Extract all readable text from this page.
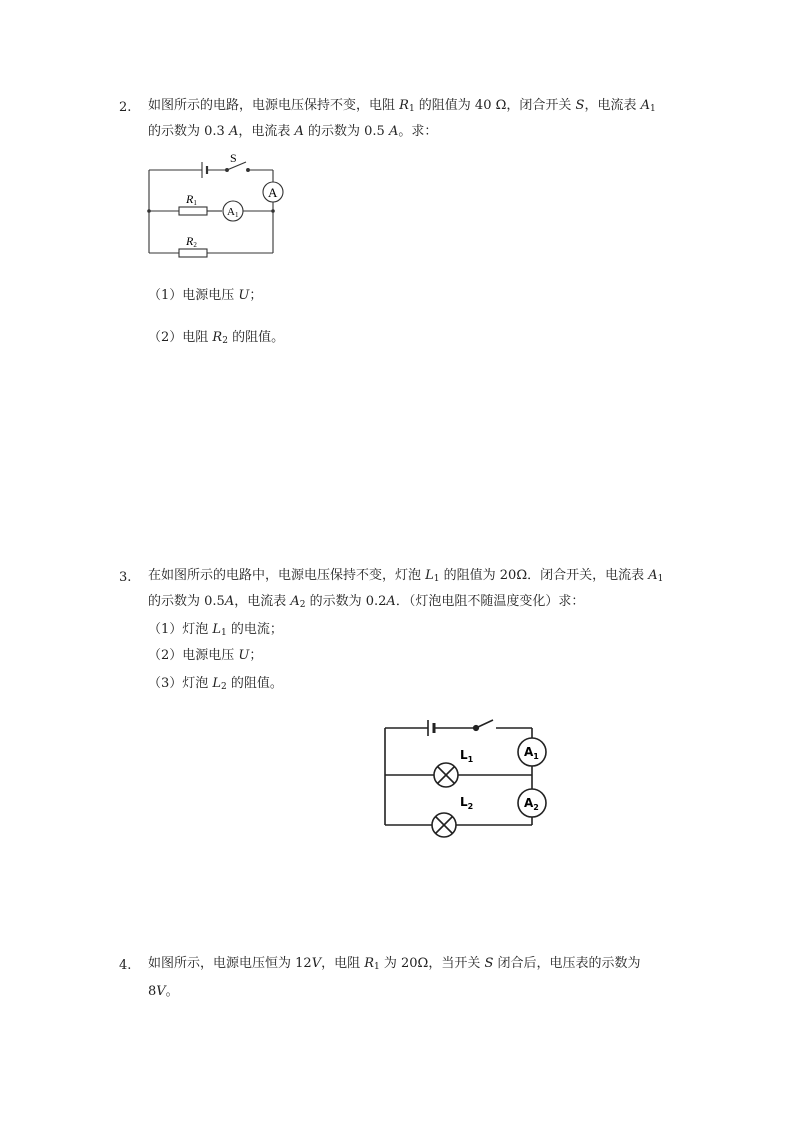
2. 如图所示的电路，电源电压保持不变，电阻 $R_1$ 的阻值为 40 Ω，闭合开关 S，电流表 $A_1$
的示数为 0.3 A，电流表 A 的示数为 0.5 A。求：
S
A
A1
R1
R2
（1）电源电压 U；
（2）电阻 $R_2$ 的阻值。
3. 在如图所示的电路中，电源电压保持不变，灯泡 $L_1$ 的阻值为 20Ω．闭合开关，电流表 $A_1$
的示数为 0.5A，电流表 $A_2$ 的示数为 0.2A．（灯泡电阻不随温度变化）求：
（1）灯泡 $L_1$ 的电流；
（2）电源电压 U；
（3）灯泡 $L_2$ 的阻值。
$L_1$
$L_2$
$A_1$
$A_2$
4. 如图所示，电源电压恒为 12V，电阻 $R_1$ 为 20Ω，当开关 S 闭合后，电压表的示数为
8V。
